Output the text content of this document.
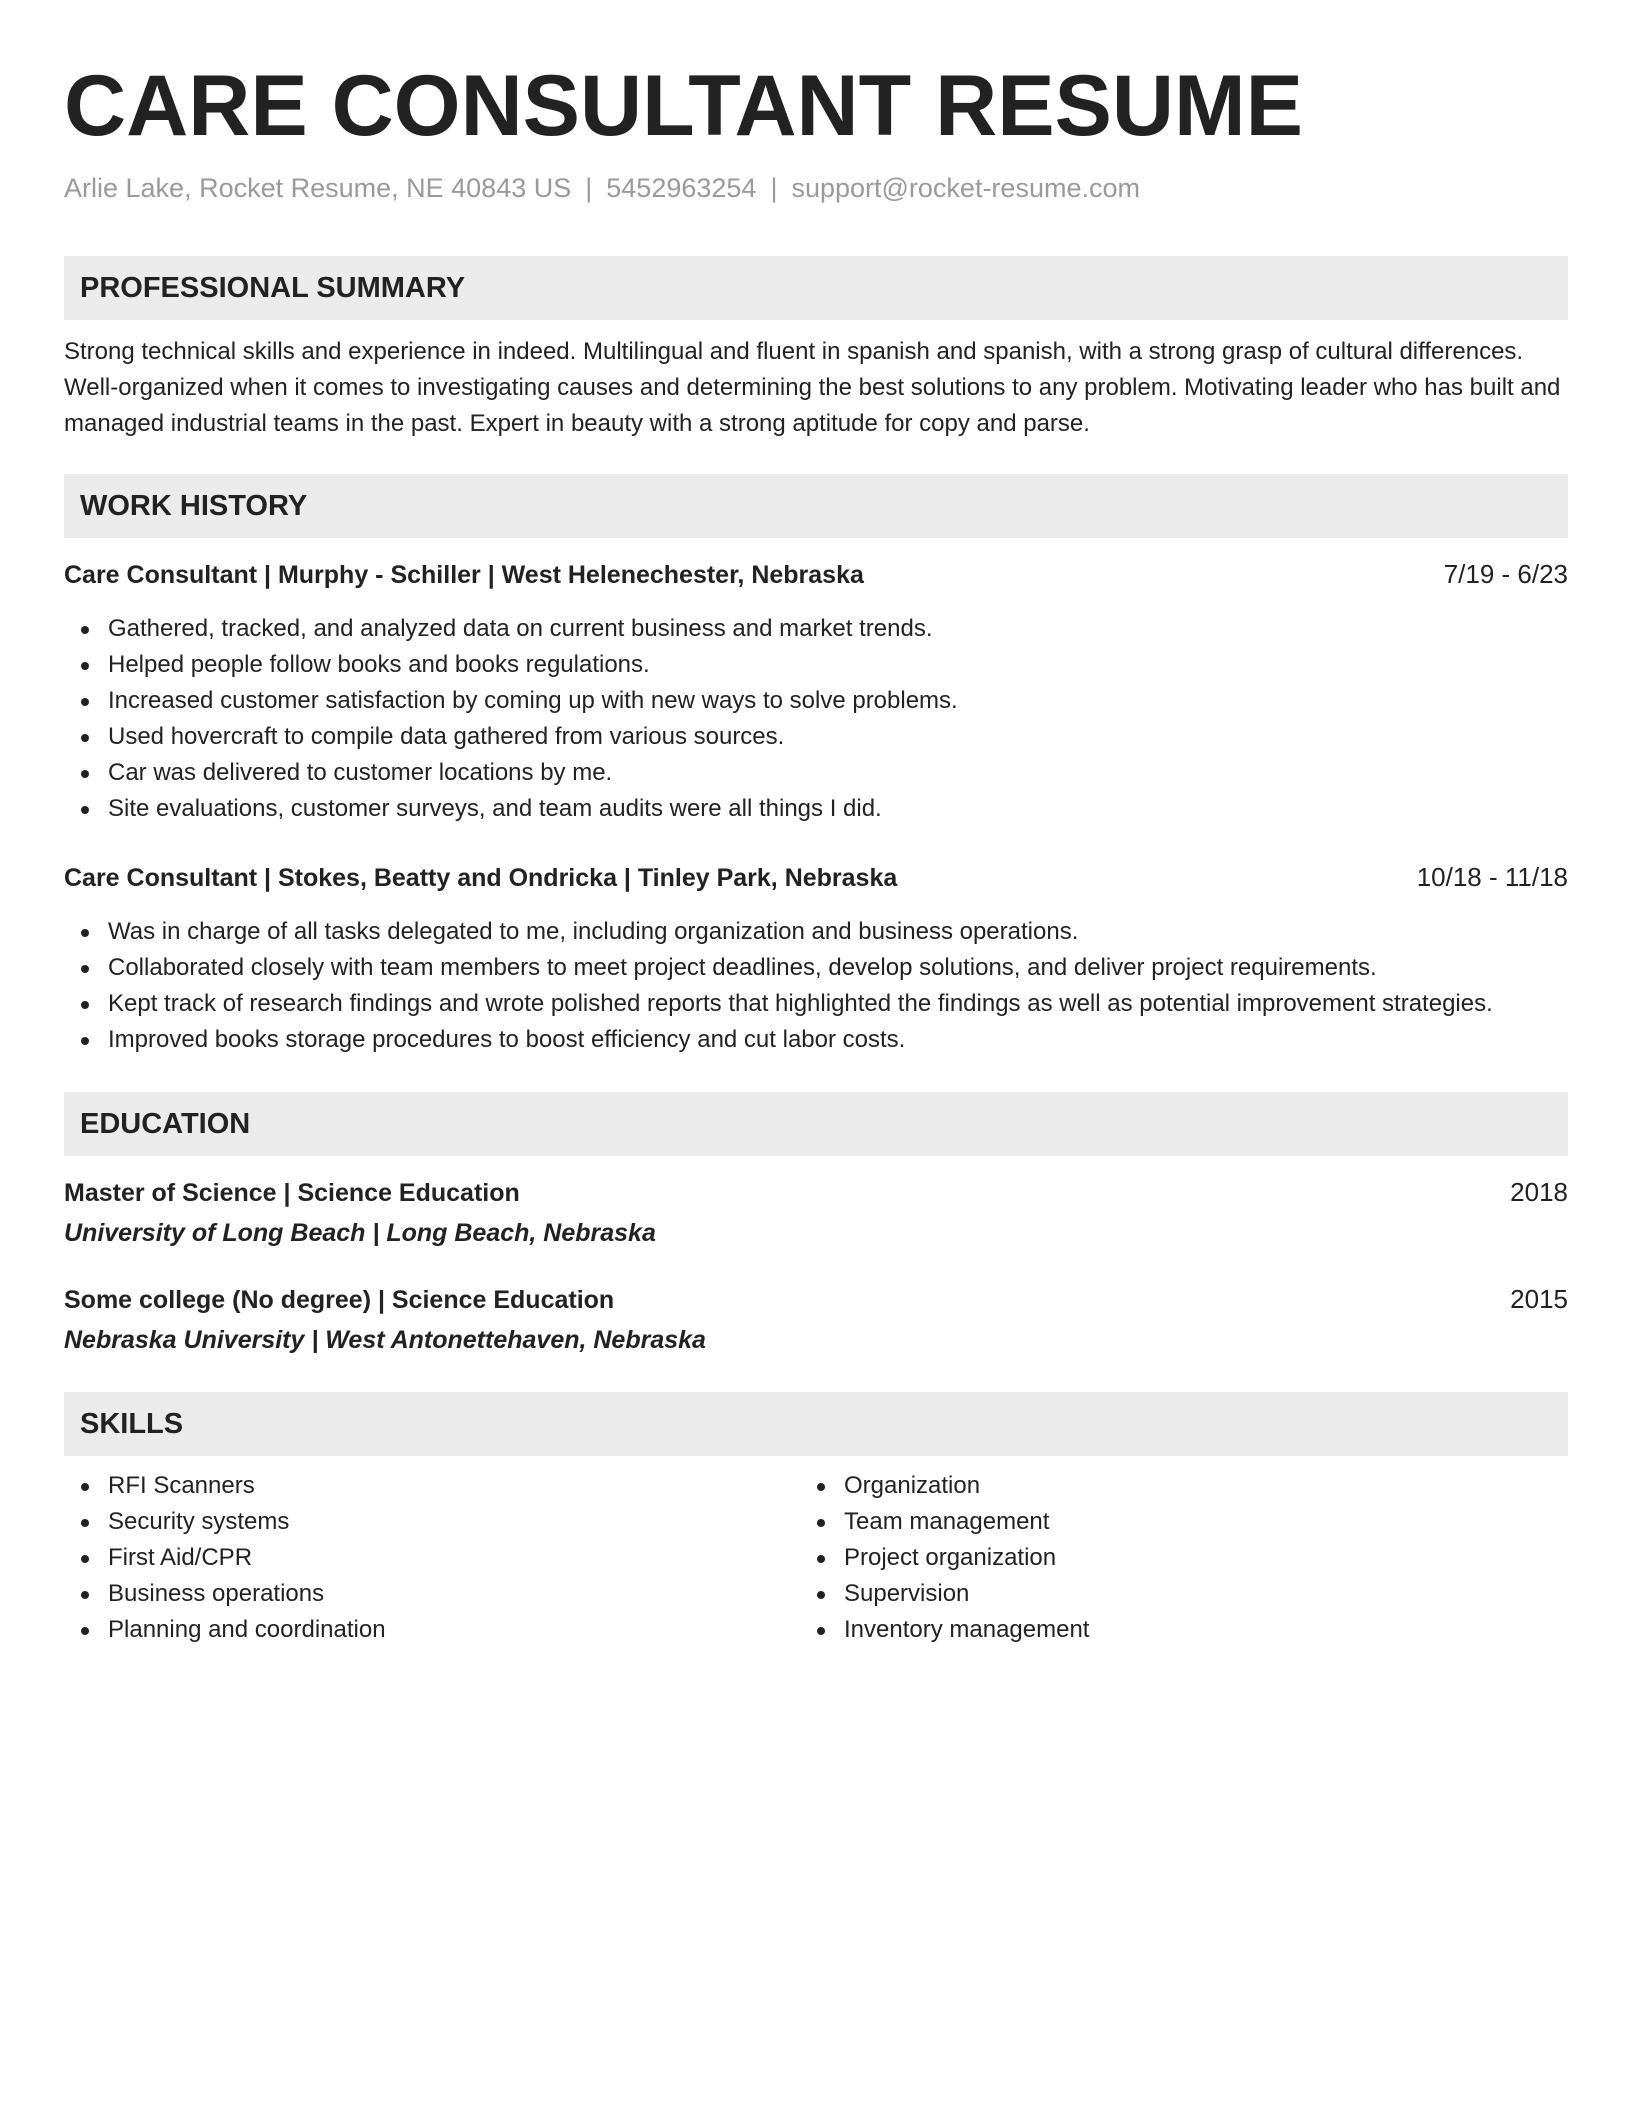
CARE CONSULTANT RESUME
Arlie Lake, Rocket Resume, NE 40843 US | 5452963254 | support@rocket-resume.com
PROFESSIONAL SUMMARY
Strong technical skills and experience in indeed. Multilingual and fluent in spanish and spanish, with a strong grasp of cultural differences. Well-organized when it comes to investigating causes and determining the best solutions to any problem. Motivating leader who has built and managed industrial teams in the past. Expert in beauty with a strong aptitude for copy and parse.
WORK HISTORY
Care Consultant | Murphy - Schiller | West Helenechester, Nebraska	7/19 - 6/23
Gathered, tracked, and analyzed data on current business and market trends.
Helped people follow books and books regulations.
Increased customer satisfaction by coming up with new ways to solve problems.
Used hovercraft to compile data gathered from various sources.
Car was delivered to customer locations by me.
Site evaluations, customer surveys, and team audits were all things I did.
Care Consultant | Stokes, Beatty and Ondricka | Tinley Park, Nebraska	10/18 - 11/18
Was in charge of all tasks delegated to me, including organization and business operations.
Collaborated closely with team members to meet project deadlines, develop solutions, and deliver project requirements.
Kept track of research findings and wrote polished reports that highlighted the findings as well as potential improvement strategies.
Improved books storage procedures to boost efficiency and cut labor costs.
EDUCATION
Master of Science | Science Education	2018
University of Long Beach | Long Beach, Nebraska
Some college (No degree) | Science Education	2015
Nebraska University | West Antonettehaven, Nebraska
SKILLS
RFI Scanners
Security systems
First Aid/CPR
Business operations
Planning and coordination
Organization
Team management
Project organization
Supervision
Inventory management
